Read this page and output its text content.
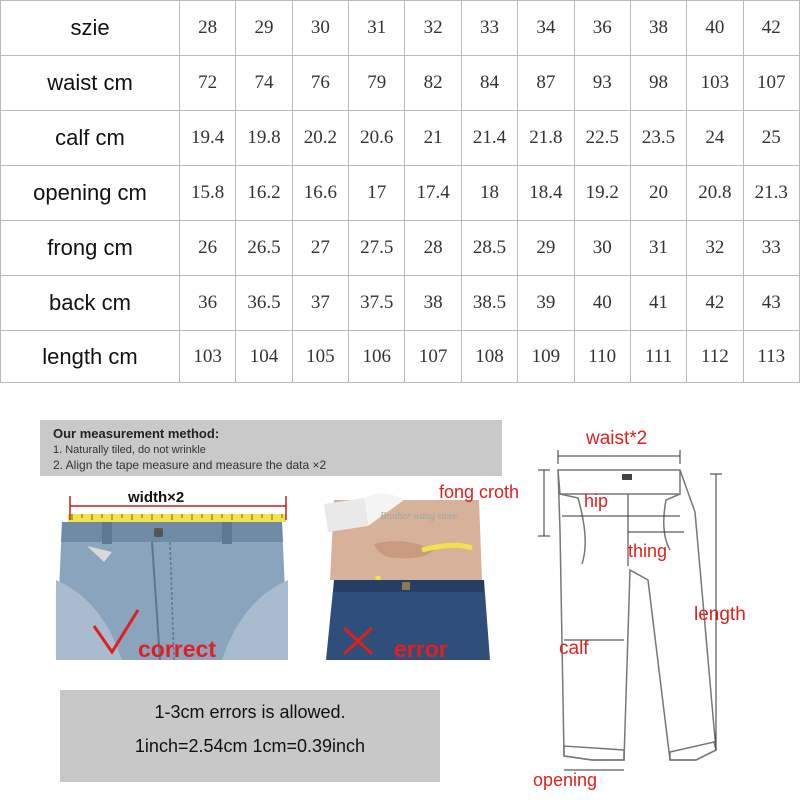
szie	28	29	30	31	32	33	34	36	38	40	42
waist cm	72	74	76	79	82	84	87	93	98	103	107
calf cm	19.4	19.8	20.2	20.6	21	21.4	21.8	22.5	23.5	24	25
opening cm	15.8	16.2	16.6	17	17.4	18	18.4	19.2	20	20.8	21.3
frong cm	26	26.5	27	27.5	28	28.5	29	30	31	32	33
back cm	36	36.5	37	37.5	38	38.5	39	40	41	42	43
length cm	103	104	105	106	107	108	109	110	111	112	113
Our measurement method:
1. Naturally tiled, do not wrinkle
2. Align the tape measure and measure the data ×2
width×2
correct
Brother wang store
error
1-3cm errors is allowed.
1inch=2.54cm 1cm=0.39inch
waist*2
fong croth	hip
thing
length
calf
opening
